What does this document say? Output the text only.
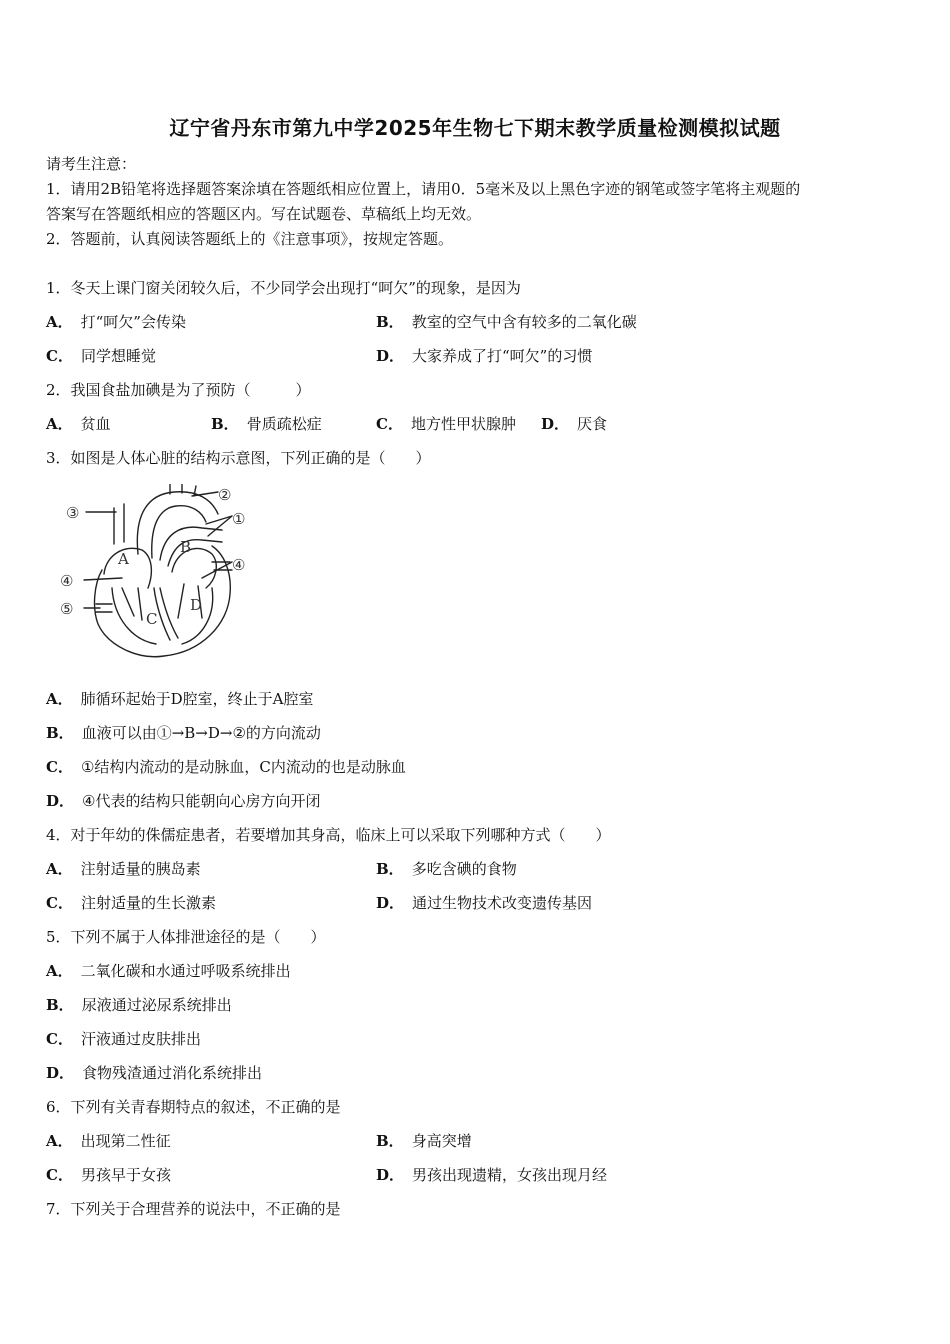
辽宁省丹东市第九中学2025年生物七下期末教学质量检测模拟试题
请考生注意：
1．请用2B铅笔将选择题答案涂填在答题纸相应位置上，请用0．5毫米及以上黑色字迹的钢笔或签字笔将主观题的
答案写在答题纸相应的答题区内。写在试题卷、草稿纸上均无效。
2．答题前，认真阅读答题纸上的《注意事项》，按规定答题。
1．冬天上课门窗关闭较久后，不少同学会出现打“呵欠”的现象，是因为
A． 打“呵欠”会传染	B． 教室的空气中含有较多的二氧化碳
C． 同学想睡觉	D． 大家养成了打“呵欠”的习惯
2．我国食盐加碘是为了预防（　　　）
A． 贫血	B． 骨质疏松症	C． 地方性甲状腺肿 D． 厌食
3．如图是人体心脏的结构示意图，下列正确的是（　　）
③
②
①
④
④
⑤
A
B
C
D
A． 肺循环起始于D腔室，终止于A腔室
B． 血液可以由①→B→D→②的方向流动
C． ①结构内流动的是动脉血，C内流动的也是动脉血
D． ④代表的结构只能朝向心房方向开闭
4．对于年幼的侏儒症患者，若要增加其身高，临床上可以采取下列哪种方式（　　）
A． 注射适量的胰岛素	B． 多吃含碘的食物
C． 注射适量的生长激素	D． 通过生物技术改变遗传基因
5．下列不属于人体排泄途径的是（　　）
A． 二氧化碳和水通过呼吸系统排出
B． 尿液通过泌尿系统排出
C． 汗液通过皮肤排出
D． 食物残渣通过消化系统排出
6．下列有关青春期特点的叙述，不正确的是
A． 出现第二性征	B． 身高突增
C． 男孩早于女孩	D． 男孩出现遗精，女孩出现月经
7．下列关于合理营养的说法中，不正确的是
